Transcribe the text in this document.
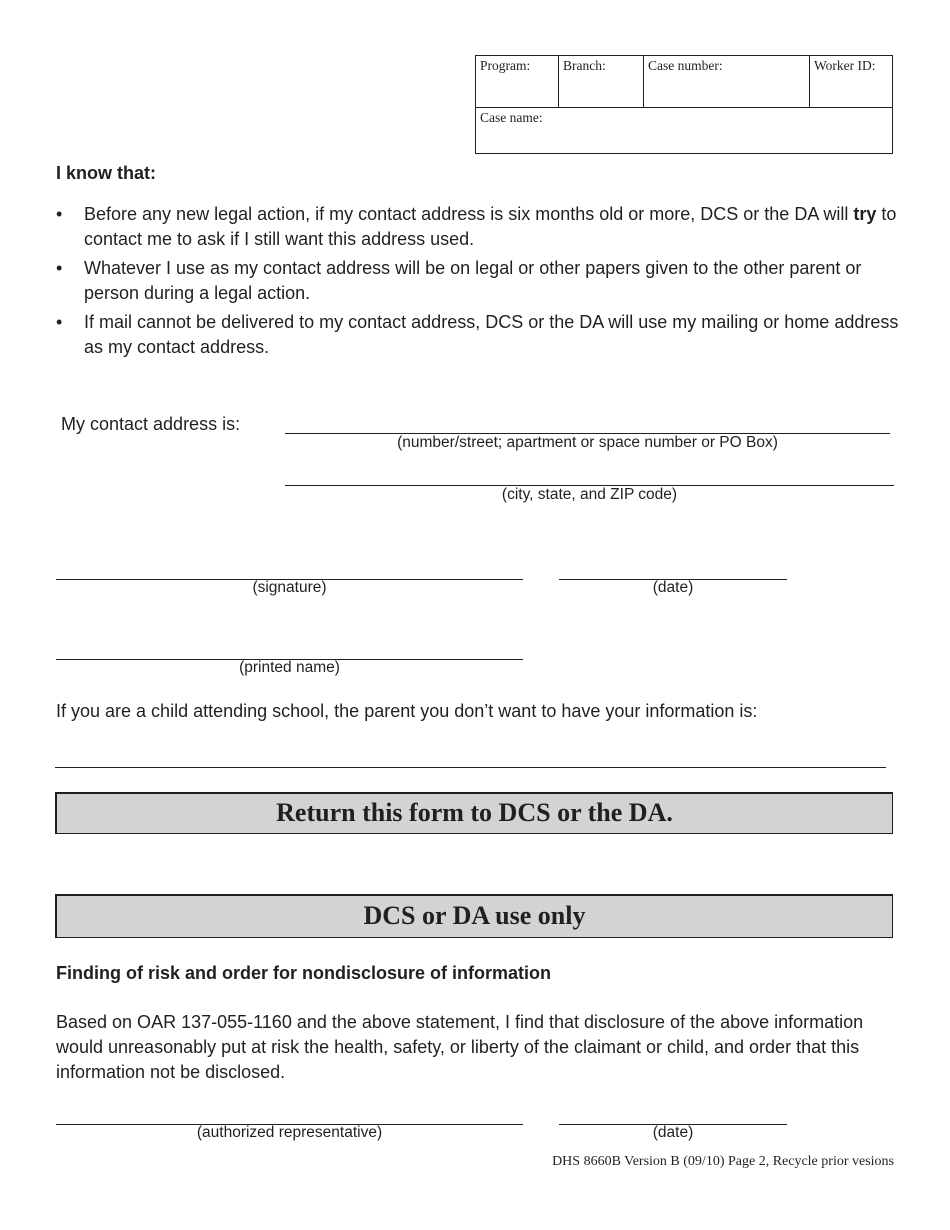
Program:	Branch:	Case number:	Worker ID:
Case name:
I know that:
• Before any new legal action, if my contact address is six months old or more, DCS or the DA will try to contact me to ask if I still want this address used.
• Whatever I use as my contact address will be on legal or other papers given to the other parent or person during a legal action.
• If mail cannot be delivered to my contact address, DCS or the DA will use my mailing or home address as my contact address.
My contact address is:
(number/street; apartment or space number or PO Box)
(city, state, and ZIP code)
(signature)	(date)
(printed name)
If you are a child attending school, the parent you don’t want to have your information is:
Return this form to DCS or the DA.
DCS or DA use only
Finding of risk and order for nondisclosure of information
Based on OAR 137-055-1160 and the above statement, I find that disclosure of the above information would unreasonably put at risk the health, safety, or liberty of the claimant or child, and order that this information not be disclosed.
(authorized representative)	(date)
DHS 8660B Version B (09/10) Page 2, Recycle prior vesions
